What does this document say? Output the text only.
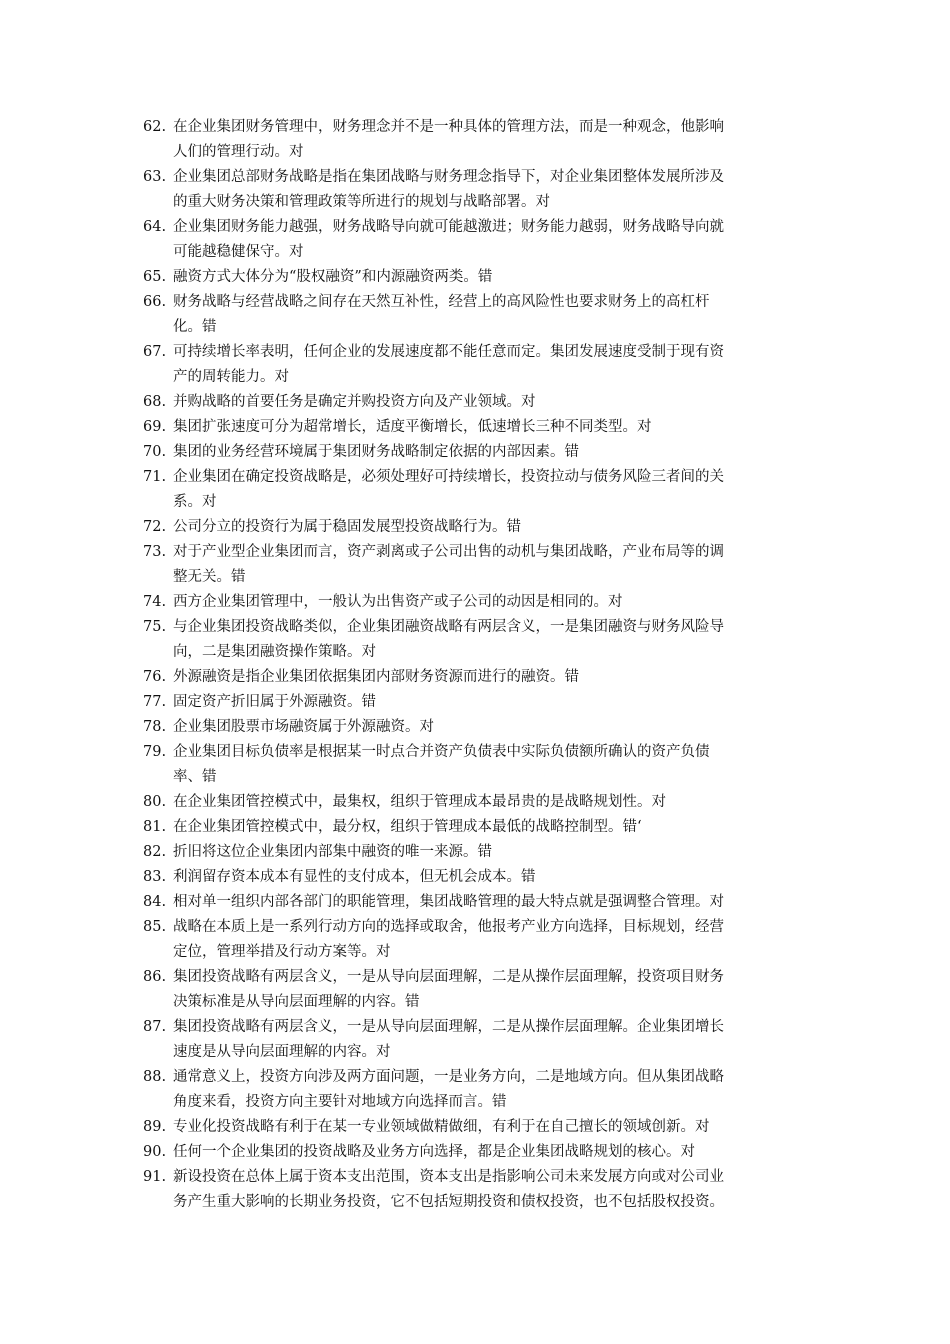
62. 在企业集团财务管理中，财务理念并不是一种具体的管理方法，而是一种观念，他影响
人们的管理行动。对
63. 企业集团总部财务战略是指在集团战略与财务理念指导下，对企业集团整体发展所涉及
的重大财务决策和管理政策等所进行的规划与战略部署。对
64. 企业集团财务能力越强，财务战略导向就可能越激进；财务能力越弱，财务战略导向就
可能越稳健保守。对
65. 融资方式大体分为“股权融资”和内源融资两类。错
66. 财务战略与经营战略之间存在天然互补性，经营上的高风险性也要求财务上的高杠杆
化。错
67. 可持续增长率表明，任何企业的发展速度都不能任意而定。集团发展速度受制于现有资
产的周转能力。对
68. 并购战略的首要任务是确定并购投资方向及产业领域。对
69. 集团扩张速度可分为超常增长，适度平衡增长，低速增长三种不同类型。对
70. 集团的业务经营环境属于集团财务战略制定依据的内部因素。错
71. 企业集团在确定投资战略是，必须处理好可持续增长，投资拉动与债务风险三者间的关
系。对
72. 公司分立的投资行为属于稳固发展型投资战略行为。错
73. 对于产业型企业集团而言，资产剥离或子公司出售的动机与集团战略，产业布局等的调
整无关。错
74. 西方企业集团管理中，一般认为出售资产或子公司的动因是相同的。对
75. 与企业集团投资战略类似，企业集团融资战略有两层含义，一是集团融资与财务风险导
向，二是集团融资操作策略。对
76. 外源融资是指企业集团依据集团内部财务资源而进行的融资。错
77. 固定资产折旧属于外源融资。错
78. 企业集团股票市场融资属于外源融资。对
79. 企业集团目标负债率是根据某一时点合并资产负债表中实际负债额所确认的资产负债
率、错
80. 在企业集团管控模式中，最集权，组织于管理成本最昂贵的是战略规划性。对
81. 在企业集团管控模式中，最分权，组织于管理成本最低的战略控制型。错‘
82. 折旧将这位企业集团内部集中融资的唯一来源。错
83. 利润留存资本成本有显性的支付成本，但无机会成本。错
84. 相对单一组织内部各部门的职能管理，集团战略管理的最大特点就是强调整合管理。对
85. 战略在本质上是一系列行动方向的选择或取舍，他报考产业方向选择，目标规划，经营
定位，管理举措及行动方案等。对
86. 集团投资战略有两层含义，一是从导向层面理解，二是从操作层面理解，投资项目财务
决策标准是从导向层面理解的内容。错
87. 集团投资战略有两层含义，一是从导向层面理解，二是从操作层面理解。企业集团增长
速度是从导向层面理解的内容。对
88. 通常意义上，投资方向涉及两方面问题，一是业务方向，二是地域方向。但从集团战略
角度来看，投资方向主要针对地域方向选择而言。错
89. 专业化投资战略有利于在某一专业领域做精做细，有利于在自己擅长的领域创新。对
90. 任何一个企业集团的投资战略及业务方向选择，都是企业集团战略规划的核心。对
91. 新设投资在总体上属于资本支出范围，资本支出是指影响公司未来发展方向或对公司业
务产生重大影响的长期业务投资，它不包括短期投资和债权投资，也不包括股权投资。
